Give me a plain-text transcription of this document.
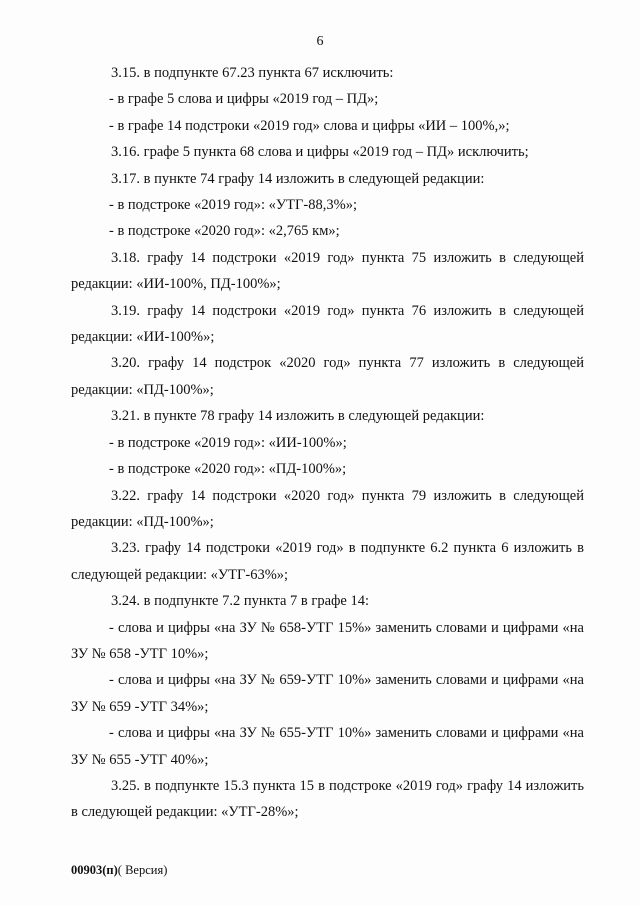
6

3.15. в подпункте 67.23 пункта 67 исключить:

- в графе 5 слова и цифры «2019 год – ПД»;

- в графе 14 подстроки «2019 год» слова и цифры «ИИ – 100%,»;

3.16. графе 5 пункта 68 слова и цифры «2019 год – ПД» исключить;

3.17. в пункте 74 графу 14 изложить в следующей редакции:

- в подстроке «2019 год»: «УТГ-88,3%»;

- в подстроке «2020 год»: «2,765 км»;

3.18. графу 14 подстроки «2019 год» пункта 75 изложить в следующей редакции: «ИИ-100%, ПД-100%»;

3.19. графу 14 подстроки «2019 год» пункта 76 изложить в следующей редакции: «ИИ-100%»;

3.20. графу 14 подстрок «2020 год» пункта 77 изложить в следующей редакции: «ПД-100%»;

3.21. в пункте 78 графу 14 изложить в следующей редакции:

- в подстроке «2019 год»: «ИИ-100%»;

- в подстроке «2020 год»: «ПД-100%»;

3.22. графу 14 подстроки «2020 год» пункта 79 изложить в следующей редакции: «ПД-100%»;

3.23. графу 14 подстроки «2019 год» в подпункте 6.2 пункта 6 изложить в следующей редакции: «УТГ-63%»;

3.24. в подпункте 7.2 пункта 7 в графе 14:

- слова и цифры «на ЗУ № 658-УТГ 15%» заменить словами и цифрами «на ЗУ № 658 -УТГ 10%»;

- слова и цифры «на ЗУ № 659-УТГ 10%» заменить словами и цифрами «на ЗУ № 659 -УТГ 34%»;

- слова и цифры «на ЗУ № 655-УТГ 10%» заменить словами и цифрами «на ЗУ № 655 -УТГ 40%»;

3.25. в подпункте 15.3 пункта 15 в подстроке «2019 год» графу 14 изложить в следующей редакции: «УТГ-28%»;

00903(п)( Версия)
